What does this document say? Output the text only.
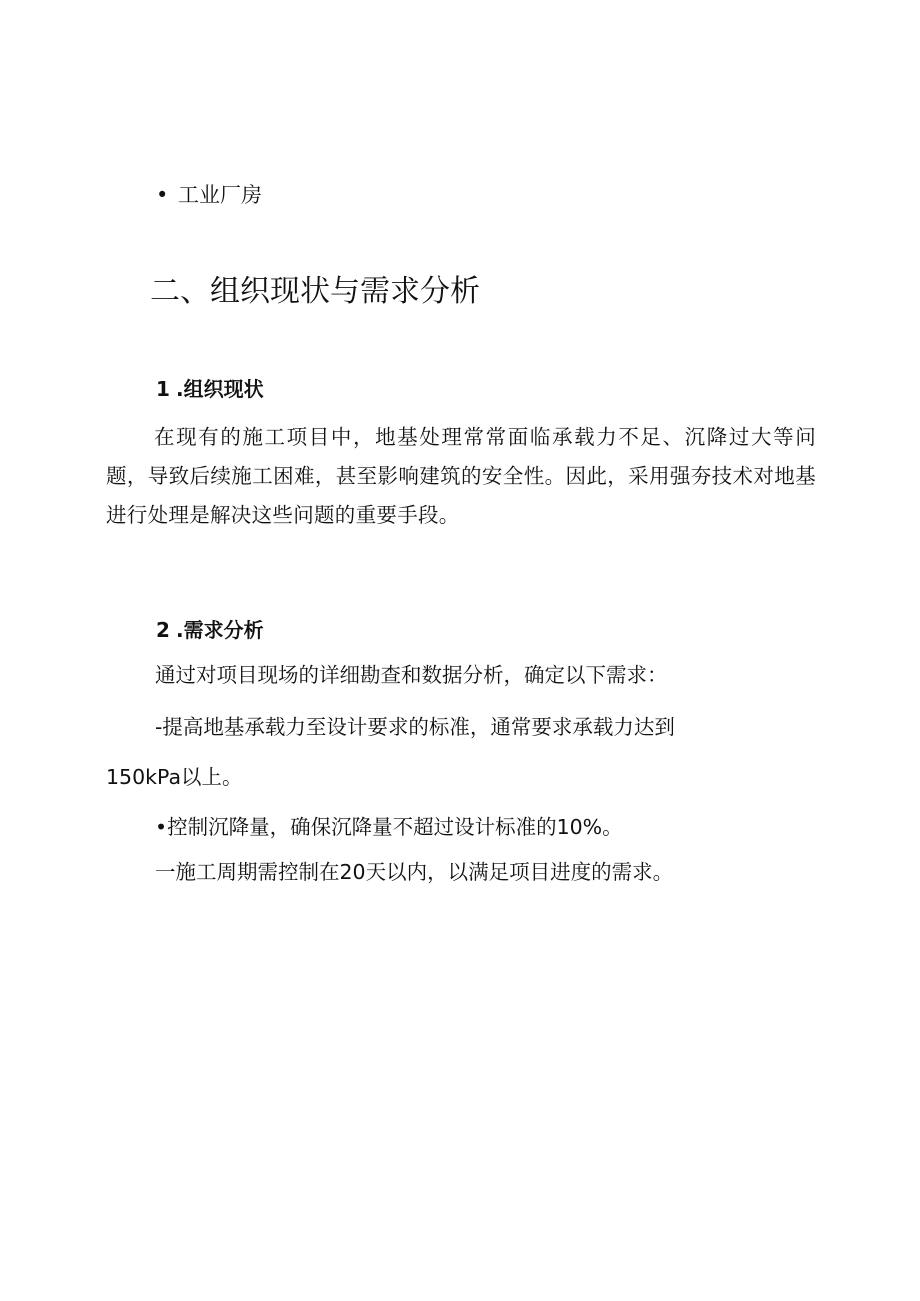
• 工业厂房
二、组织现状与需求分析
1 .组织现状

在现有的施工项目中，地基处理常常面临承载力不足、沉降过大等问题，导致后续施工困难，甚至影响建筑的安全性。因此，采用强夯技术对地基进行处理是解决这些问题的重要手段。

2 .需求分析

通过对项目现场的详细勘查和数据分析，确定以下需求：

-提高地基承载力至设计要求的标准，通常要求承载力达到

150kPa以上。

•控制沉降量，确保沉降量不超过设计标准的10%。

一施工周期需控制在20天以内，以满足项目进度的需求。
